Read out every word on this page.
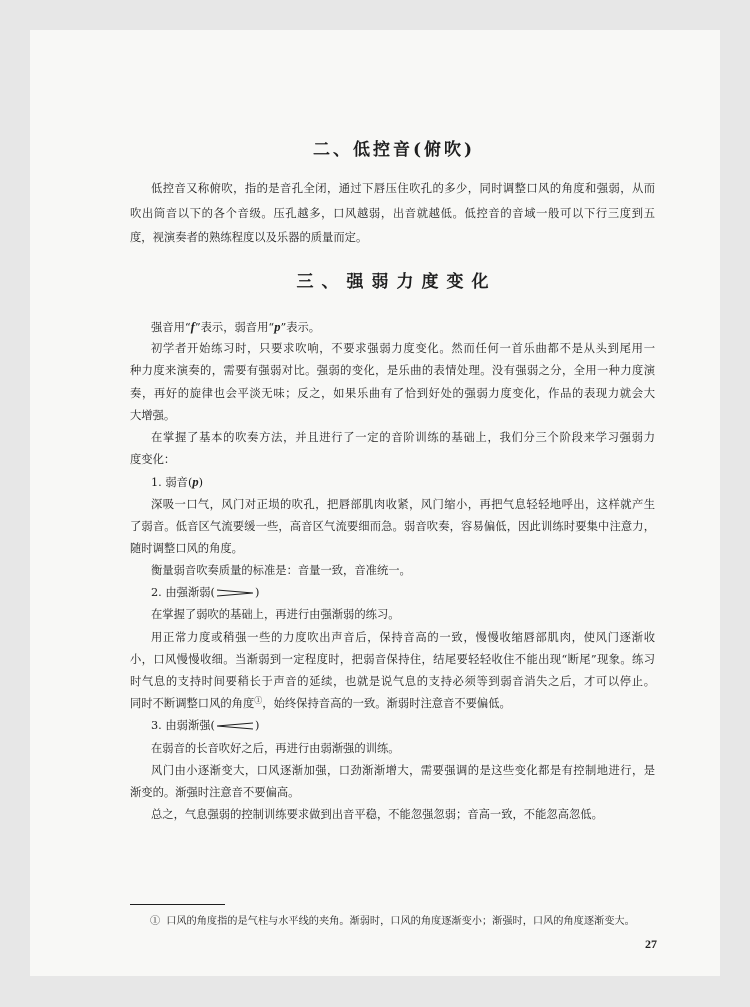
二、低控音(俯吹)
低控音又称俯吹，指的是音孔全闭，通过下唇压住吹孔的多少，同时调整口风的角度和强弱，从而
吹出筒音以下的各个音级。压孔越多，口风越弱，出音就越低。低控音的音域一般可以下行三度到五
度，视演奏者的熟练程度以及乐器的质量而定。
三、强弱力度变化
强音用“f”表示，弱音用“p”表示。
初学者开始练习时，只要求吹响，不要求强弱力度变化。然而任何一首乐曲都不是从头到尾用一
种力度来演奏的，需要有强弱对比。强弱的变化，是乐曲的表情处理。没有强弱之分，全用一种力度演
奏，再好的旋律也会平淡无味；反之，如果乐曲有了恰到好处的强弱力度变化，作品的表现力就会大
大增强。
在掌握了基本的吹奏方法，并且进行了一定的音阶训练的基础上，我们分三个阶段来学习强弱力
度变化：
1. 弱音(p)
深吸一口气，风门对正埙的吹孔，把唇部肌肉收紧，风门缩小，再把气息轻轻地呼出，这样就产生
了弱音。低音区气流要缓一些，高音区气流要细而急。弱音吹奏，容易偏低，因此训练时要集中注意力，
随时调整口风的角度。
衡量弱音吹奏质量的标准是：音量一致，音准统一。
2. 由强渐弱(	)
在掌握了弱吹的基础上，再进行由强渐弱的练习。
用正常力度或稍强一些的力度吹出声音后，保持音高的一致，慢慢收缩唇部肌肉，使风门逐渐收
小，口风慢慢收细。当渐弱到一定程度时，把弱音保持住，结尾要轻轻收住不能出现“断尾”现象。练习
时气息的支持时间要稍长于声音的延续，也就是说气息的支持必须等到弱音消失之后，才可以停止。
同时不断调整口风的角度①，始终保持音高的一致。渐弱时注意音不要偏低。
3. 由弱渐强(	)
在弱音的长音吹好之后，再进行由弱渐强的训练。
风门由小逐渐变大，口风逐渐加强，口劲渐渐增大，需要强调的是这些变化都是有控制地进行，是
渐变的。渐强时注意音不要偏高。
总之，气息强弱的控制训练要求做到出音平稳，不能忽强忽弱；音高一致，不能忽高忽低。
① 口风的角度指的是气柱与水平线的夹角。渐弱时，口风的角度逐渐变小；渐强时，口风的角度逐渐变大。
27
